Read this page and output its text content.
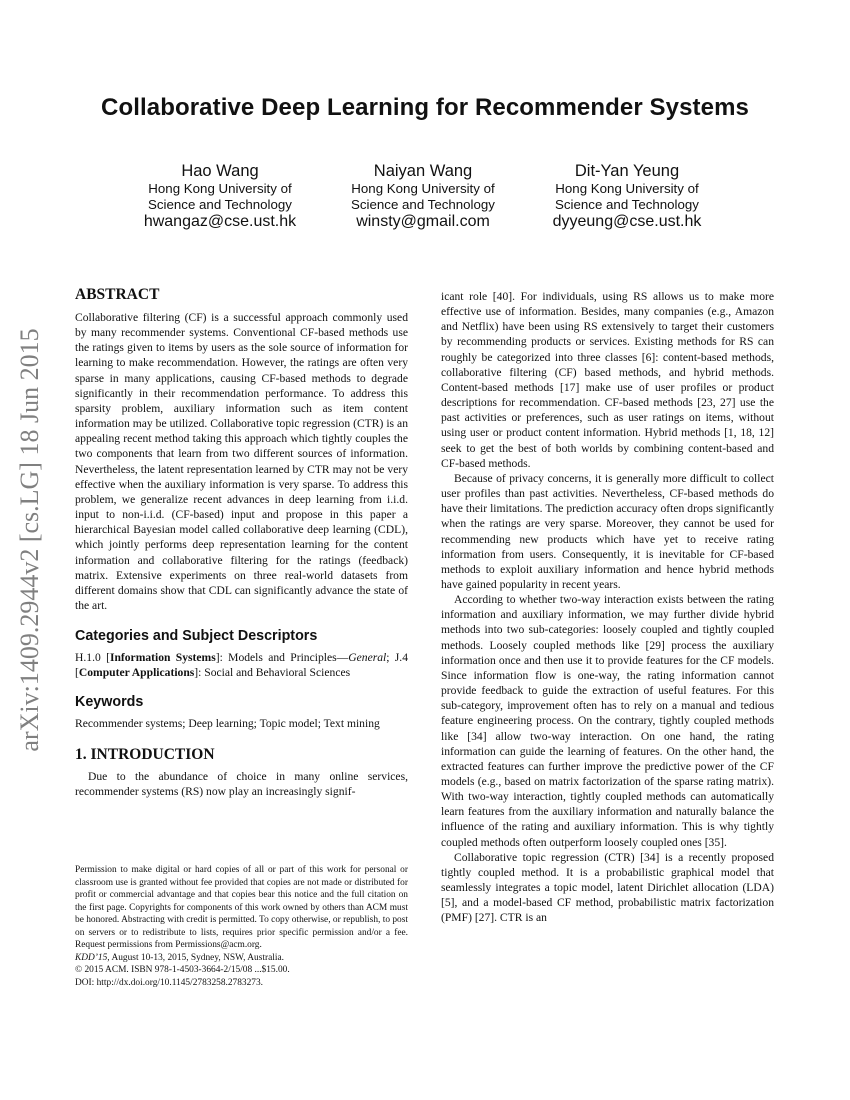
Collaborative Deep Learning for Recommender Systems
Hao Wang
Hong Kong University of
Science and Technology
hwangaz@cse.ust.hk
Naiyan Wang
Hong Kong University of
Science and Technology
winsty@gmail.com
Dit-Yan Yeung
Hong Kong University of
Science and Technology
dyyeung@cse.ust.hk
arXiv:1409.2944v2 [cs.LG] 18 Jun 2015
ABSTRACT

Collaborative filtering (CF) is a successful approach commonly used by many recommender systems. Conventional CF-based methods use the ratings given to items by users as the sole source of information for learning to make recommendation. However, the ratings are often very sparse in many applications, causing CF-based methods to degrade significantly in their recommendation performance. To address this sparsity problem, auxiliary information such as item content information may be utilized. Collaborative topic regression (CTR) is an appealing recent method taking this approach which tightly couples the two components that learn from two different sources of information. Nevertheless, the latent representation learned by CTR may not be very effective when the auxiliary information is very sparse. To address this problem, we generalize recent advances in deep learning from i.i.d. input to non-i.i.d. (CF-based) input and propose in this paper a hierarchical Bayesian model called collaborative deep learning (CDL), which jointly performs deep representation learning for the content information and collaborative filtering for the ratings (feedback) matrix. Extensive experiments on three real-world datasets from different domains show that CDL can significantly advance the state of the art.

Categories and Subject Descriptors

H.1.0 [Information Systems]: Models and Principles—General; J.4 [Computer Applications]: Social and Behavioral Sciences

Keywords

Recommender systems; Deep learning; Topic model; Text mining

1. INTRODUCTION

Due to the abundance of choice in many online services, recommender systems (RS) now play an increasingly signif-

Permission to make digital or hard copies of all or part of this work for personal or classroom use is granted without fee provided that copies are not made or distributed for profit or commercial advantage and that copies bear this notice and the full citation on the first page. Copyrights for components of this work owned by others than ACM must be honored. Abstracting with credit is permitted. To copy otherwise, or republish, to post on servers or to redistribute to lists, requires prior specific permission and/or a fee. Request permissions from Permissions@acm.org.

KDD’15, August 10-13, 2015, Sydney, NSW, Australia.

© 2015 ACM. ISBN 978-1-4503-3664-2/15/08 ...$15.00.

DOI: http://dx.doi.org/10.1145/2783258.2783273.

icant role [40]. For individuals, using RS allows us to make more effective use of information. Besides, many companies (e.g., Amazon and Netflix) have been using RS extensively to target their customers by recommending products or services. Existing methods for RS can roughly be categorized into three classes [6]: content-based methods, collaborative filtering (CF) based methods, and hybrid methods. Content-based methods [17] make use of user profiles or product descriptions for recommendation. CF-based methods [23, 27] use the past activities or preferences, such as user ratings on items, without using user or product content information. Hybrid methods [1, 18, 12] seek to get the best of both worlds by combining content-based and CF-based methods.

Because of privacy concerns, it is generally more difficult to collect user profiles than past activities. Nevertheless, CF-based methods do have their limitations. The prediction accuracy often drops significantly when the ratings are very sparse. Moreover, they cannot be used for recommending new products which have yet to receive rating information from users. Consequently, it is inevitable for CF-based methods to exploit auxiliary information and hence hybrid methods have gained popularity in recent years.

According to whether two-way interaction exists between the rating information and auxiliary information, we may further divide hybrid methods into two sub-categories: loosely coupled and tightly coupled methods. Loosely coupled methods like [29] process the auxiliary information once and then use it to provide features for the CF models. Since information flow is one-way, the rating information cannot provide feedback to guide the extraction of useful features. For this sub-category, improvement often has to rely on a manual and tedious feature engineering process. On the contrary, tightly coupled methods like [34] allow two-way interaction. On one hand, the rating information can guide the learning of features. On the other hand, the extracted features can further improve the predictive power of the CF models (e.g., based on matrix factorization of the sparse rating matrix). With two-way interaction, tightly coupled methods can automatically learn features from the auxiliary information and naturally balance the influence of the rating and auxiliary information. This is why tightly coupled methods often outperform loosely coupled ones [35].

Collaborative topic regression (CTR) [34] is a recently proposed tightly coupled method. It is a probabilistic graphical model that seamlessly integrates a topic model, latent Dirichlet allocation (LDA) [5], and a model-based CF method, probabilistic matrix factorization (PMF) [27]. CTR is an
